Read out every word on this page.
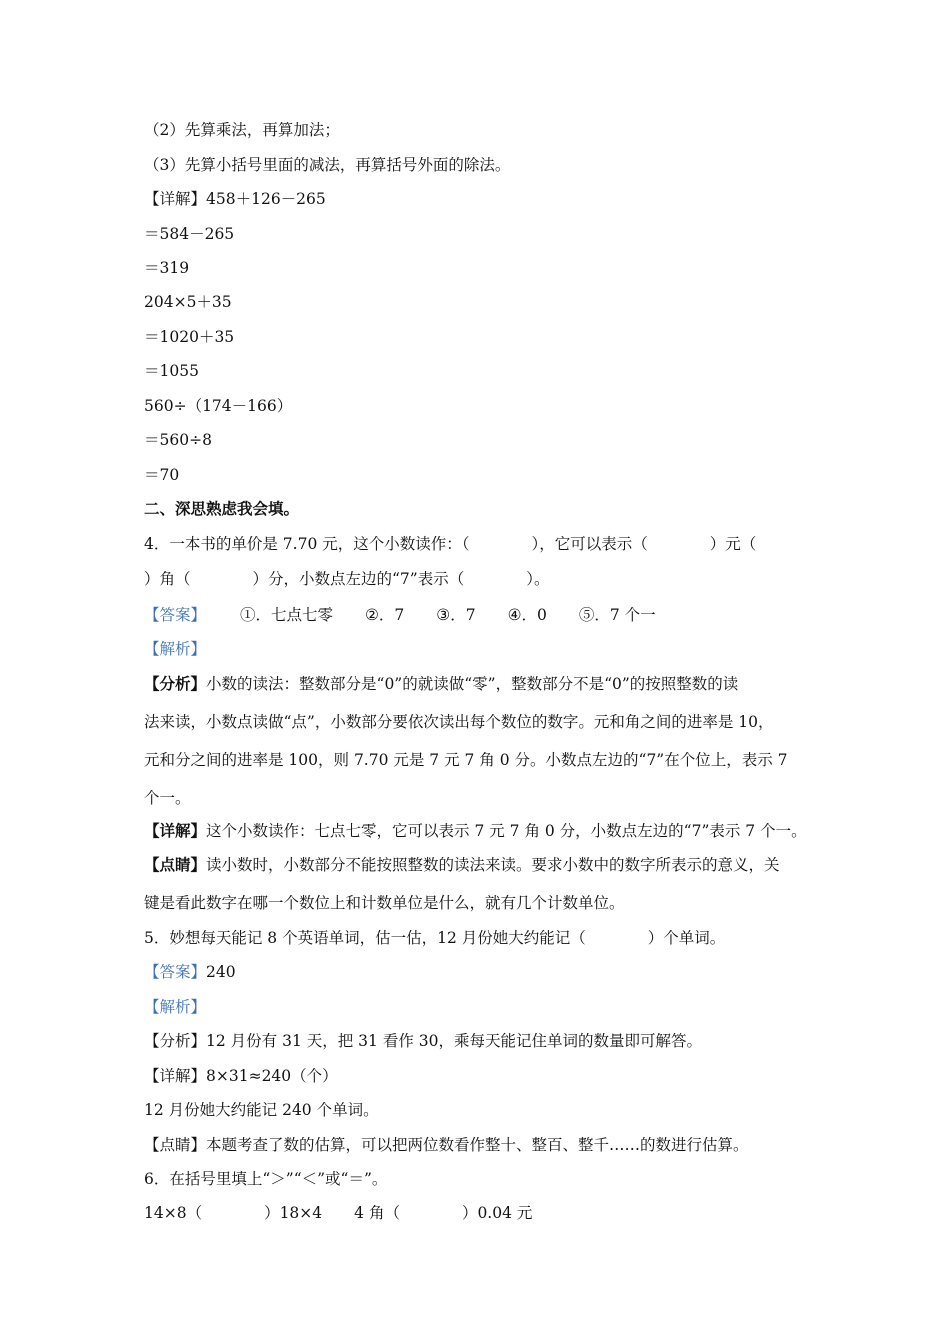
（2）先算乘法，再算加法；
（3）先算小括号里面的减法，再算括号外面的除法。
【详解】458＋126－265
＝584－265
＝319
204×5＋35
＝1020＋35
＝1055
560÷（174－166）
＝560÷8
＝70
二、深思熟虑我会填。
4．一本书的单价是 7.70 元，这个小数读作：（　　　　），它可以表示（　　　　）元（
）角（　　　　）分，小数点左边的“7”表示（　　　　）。
【答案】 ①．七点七零 ②．7 ③．7 ④．0 ⑤．7 个一
【解析】
【分析】小数的读法：整数部分是“0”的就读做“零”，整数部分不是“0”的按照整数的读
法来读，小数点读做“点”，小数部分要依次读出每个数位的数字。元和角之间的进率是 10，
元和分之间的进率是 100，则 7.70 元是 7 元 7 角 0 分。小数点左边的“7”在个位上，表示 7
个一。
【详解】这个小数读作：七点七零，它可以表示 7 元 7 角 0 分，小数点左边的“7”表示 7 个一。
【点睛】读小数时，小数部分不能按照整数的读法来读。要求小数中的数字所表示的意义，关
键是看此数字在哪一个数位上和计数单位是什么，就有几个计数单位。
5．妙想每天能记 8 个英语单词，估一估，12 月份她大约能记（　　　　）个单词。
【答案】240
【解析】
【分析】12 月份有 31 天，把 31 看作 30，乘每天能记住单词的数量即可解答。
【详解】8×31≈240（个）
12 月份她大约能记 240 个单词。
【点睛】本题考查了数的估算，可以把两位数看作整十、整百、整千……的数进行估算。
6．在括号里填上“＞”“＜”或“＝”。
14×8（　　　　）18×4 4 角（　　　　）0.04 元
